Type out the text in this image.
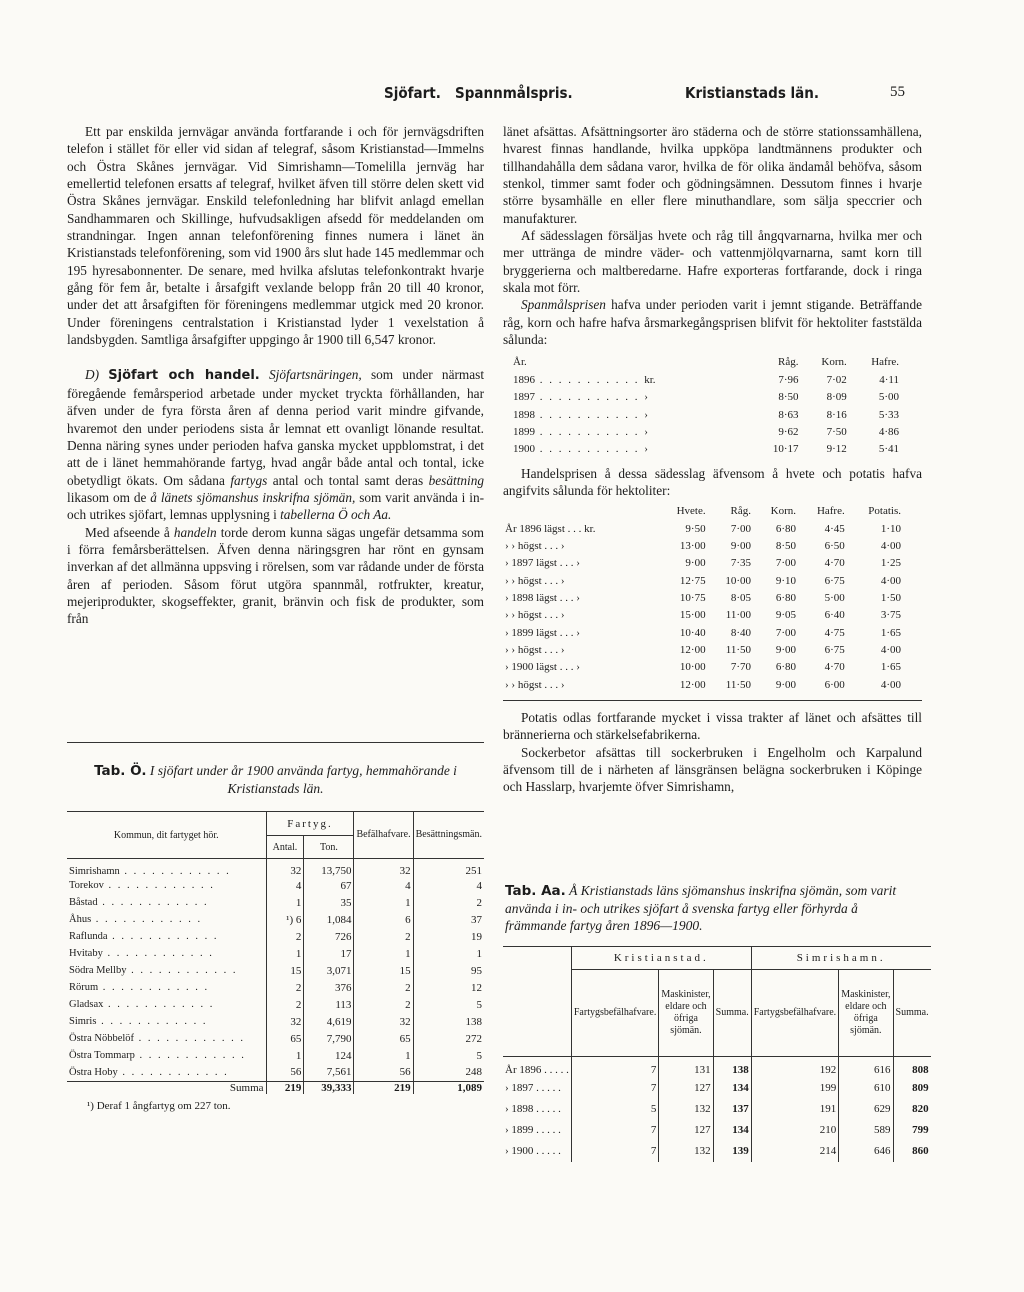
Sjöfart. Spannmålspris.	Kristianstads län.	55

Ett par enskilda jernvägar använda fortfarande i och för jernvägsdriften telefon i stället för eller vid sidan af telegraf, såsom Kristianstad—Immelns och Östra Skånes jernvägar. Vid Simrishamn—Tomelilla jernväg har emellertid telefonen ersatts af telegraf, hvilket äfven till större delen skett vid Östra Skånes jernvägar. Enskild telefonledning har blifvit anlagd emellan Sandhammaren och Skillinge, hufvudsakligen afsedd för meddelanden om strandningar. Ingen annan telefonförening finnes numera i länet än Kristianstads telefonförening, som vid 1900 års slut hade 145 medlemmar och 195 hyresabonnenter. De senare, med hvilka afslutas telefonkontrakt hvarje gång för fem år, betalte i årsafgift vexlande belopp från 20 till 40 kronor, under det att årsafgiften för föreningens medlemmar utgick med 20 kronor. Under föreningens centralstation i Kristianstad lyder 1 vexelstation å landsbygden. Samtliga årsafgifter uppgingo år 1900 till 6,547 kronor.

D) Sjöfart och handel. Sjöfartsnäringen, som under närmast föregående femårsperiod arbetade under mycket tryckta förhållanden, har äfven under de fyra första åren af denna period varit mindre gifvande, hvaremot den under periodens sista år lemnat ett ovanligt lönande resultat. Denna näring synes under perioden hafva ganska mycket uppblomstrat, i det att de i länet hemmahörande fartyg, hvad angår både antal och tontal, icke obetydligt ökats. Om sådana fartygs antal och tontal samt deras besättning likasom om de å länets sjömanshus inskrifna sjömän, som varit använda i in- och utrikes sjöfart, lemnas upplysning i tabellerna Ö och Aa.

Med afseende å handeln torde derom kunna sägas ungefär detsamma som i förra femårsberättelsen. Äfven denna näringsgren har rönt en gynsam inverkan af det allmänna uppsving i rörelsen, som var rådande under de första åren af perioden. Såsom förut utgöra spannmål, rotfrukter, kreatur, mejeriprodukter, skogseffekter, granit, bränvin och fisk de produkter, som från

Tab. Ö. I sjöfart under år 1900 använda fartyg, hemmahörande i Kristianstads län.
Kommun, dit fartyget hör.	Fartyg.		Befälhafvare.	Besättningsmän.
	Antal.	Ton.		
Simrishamn . . . . . . . . . . . .	32	13,750	32	251
Torekov . . . . . . . . . . . .	4	67	4	4
Båstad . . . . . . . . . . . .	1	35	1	2
Åhus . . . . . . . . . . . .	¹) 6	1,084	6	37
Raflunda . . . . . . . . . . . .	2	726	2	19
Hvitaby . . . . . . . . . . . .	1	17	1	1
Södra Mellby . . . . . . . . . . . .	15	3,071	15	95
Rörum . . . . . . . . . . . .	2	376	2	12
Gladsax . . . . . . . . . . . .	2	113	2	5
Simris . . . . . . . . . . . .	32	4,619	32	138
Östra Nöbbelöf . . . . . . . . . . . .	65	7,790	65	272
Östra Tommarp . . . . . . . . . . . .	1	124	1	5
Östra Hoby . . . . . . . . . . . .	56	7,561	56	248
Summa	219	39,333	219	1,089
¹) Deraf 1 ångfartyg om 227 ton.

länet afsättas. Afsättningsorter äro städerna och de större stationssamhällena, hvarest finnas handlande, hvilka uppköpa landtmännens produkter och tillhandahålla dem sådana varor, hvilka de för olika ändamål behöfva, såsom stenkol, timmer samt foder och gödningsämnen. Dessutom finnes i hvarje större bysamhälle en eller flere minuthandlare, som sälja speccrier och manufakturer.

Af sädesslagen försäljas hvete och råg till ångqvarnarna, hvilka mer och mer uttränga de mindre väder- och vattenmjölqvarnarna, samt korn till bryggerierna och maltberedarne. Hafre exporteras fortfarande, dock i ringa skala mot förr.

Spanmålsprisen hafva under perioden varit i jemnt stigande. Beträffande råg, korn och hafre hafva årsmarkegångsprisen blifvit för hektoliter faststälda sålunda:

År.	Råg.	Korn.	Hafre.
1896 . . . . . . . . . . . kr.	7·96	7·02	4·11
1897 . . . . . . . . . . . ›	8·50	8·09	5·00
1898 . . . . . . . . . . . ›	8·63	8·16	5·33
1899 . . . . . . . . . . . ›	9·62	7·50	4·86
1900 . . . . . . . . . . . ›	10·17	9·12	5·41

Handelsprisen å dessa sädesslag äfvensom å hvete och potatis hafva angifvits sålunda för hektoliter:

	Hvete.	Råg.	Korn.	Hafre.	Potatis.
År 1896 lägst . . . kr.	9·50	7·00	6·80	4·45	1·10
› › högst . . . ›	13·00	9·00	8·50	6·50	4·00
› 1897 lägst . . . ›	9·00	7·35	7·00	4·70	1·25
› › högst . . . ›	12·75	10·00	9·10	6·75	4·00
› 1898 lägst . . . ›	10·75	8·05	6·80	5·00	1·50
› › högst . . . ›	15·00	11·00	9·05	6·40	3·75
› 1899 lägst . . . ›	10·40	8·40	7·00	4·75	1·65
› › högst . . . ›	12·00	11·50	9·00	6·75	4·00
› 1900 lägst . . . ›	10·00	7·70	6·80	4·70	1·65
› › högst . . . ›	12·00	11·50	9·00	6·00	4·00

Potatis odlas fortfarande mycket i vissa trakter af länet och afsättes till brännerierna och stärkelsefabrikerna.

Sockerbetor afsättas till sockerbruken i Engelholm och Karpalund äfvensom till de i närheten af länsgränsen belägna sockerbruken i Köpinge och Hasslarp, hvarjemte öfver Simrishamn,

Tab. Aa. Å Kristianstads läns sjömanshus inskrifna sjömän, som varit använda i in- och utrikes sjöfart å svenska fartyg eller förhyrda å främmande fartyg åren 1896—1900.
	Kristianstad.			Simrishamn.		
	Fartygsbefälhafvare.	Maskinister, eldare och öfriga sjömän.	Summa.	Fartygsbefälhafvare.	Maskinister, eldare och öfriga sjömän.	Summa.
År 1896 . . . . .	7	131	138	192	616	808
› 1897 . . . . .	7	127	134	199	610	809
› 1898 . . . . .	5	132	137	191	629	820
› 1899 . . . . .	7	127	134	210	589	799
› 1900 . . . . .	7	132	139	214	646	860
